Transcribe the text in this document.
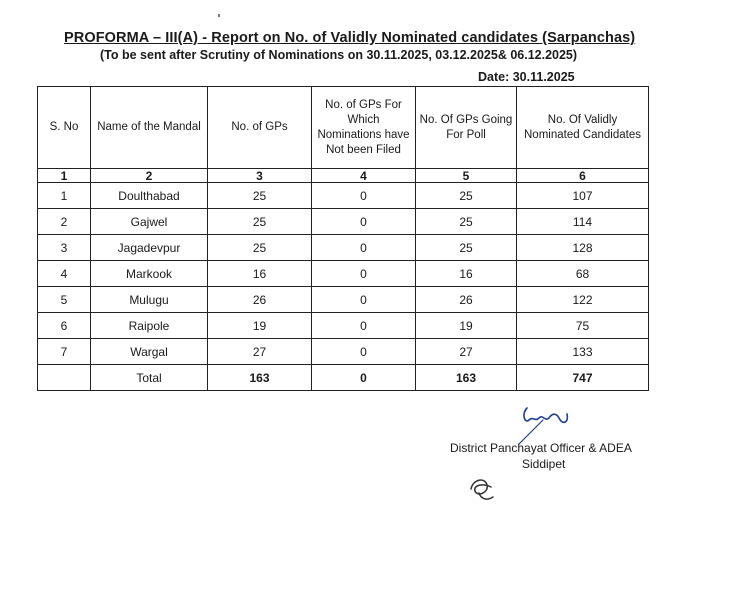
PROFORMA – III(A) - Report on No. of Validly Nominated candidates (Sarpanchas)
(To be sent after Scrutiny of Nominations on 30.11.2025, 03.12.2025& 06.12.2025)
Date: 30.11.2025
S. No	Name of the Mandal	No. of GPs	No. of GPs For Which Nominations have Not been Filed	No. Of GPs Going For Poll	No. Of Validly Nominated Candidates
1	2	3	4	5	6
1	Doulthabad	25	0	25	107
2	Gajwel	25	0	25	114
3	Jagadevpur	25	0	25	128
4	Markook	16	0	16	68
5	Mulugu	26	0	26	122
6	Raipole	19	0	19	75
7	Wargal	27	0	27	133
	Total	163	0	163	747
District Panchayat Officer & ADEA
Siddipet
